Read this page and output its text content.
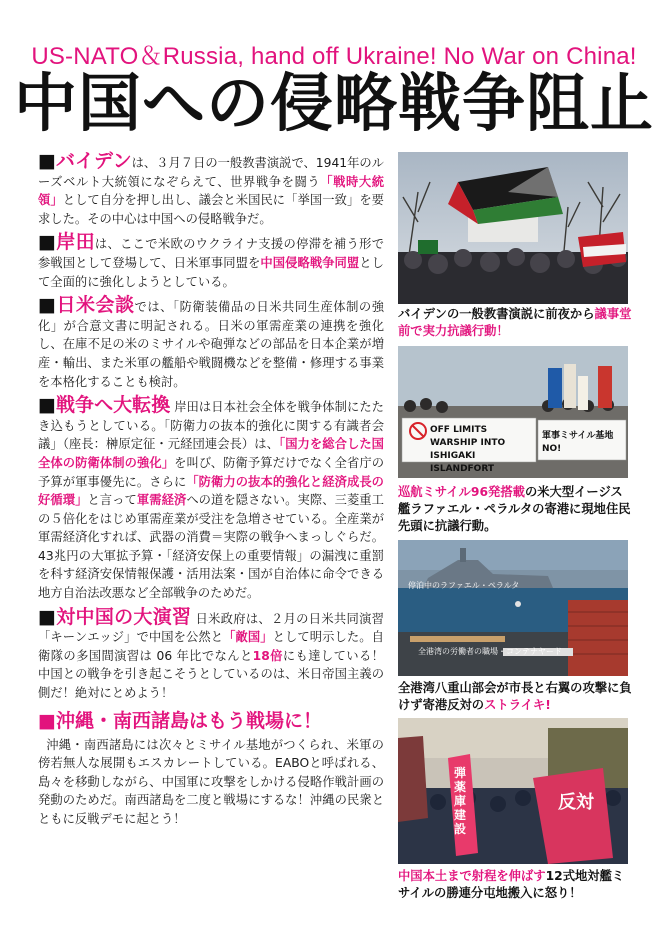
US-NATO＆Russia, hand off Ukraine! No War on China!
中国への侵略戦争阻止

■バイデンは、３月７日の一般教書演説で、1941年のルーズベルト大統領になぞらえて、世界戦争を闘う「戦時大統領」として自分を押し出し、議会と米国民に「挙国一致」を要求した。その中心は中国への侵略戦争だ。

■岸田は、ここで米欧のウクライナ支援の停滞を補う形で参戦国として登場して、日米軍事同盟を中国侵略戦争同盟として全面的に強化しようとしている。

■日米会談では、「防衛装備品の日米共同生産体制の強化」が合意文書に明記される。日米の軍需産業の連携を強化し、在庫不足の米のミサイルや砲弾などの部品を日本企業が増産・輸出、また米軍の艦船や戦闘機などを整備・修理する事業を本格化することも検討。

■戦争へ大転換 岸田は日本社会全体を戦争体制にたたき込もうとしている。「防衛力の抜本的強化に関する有識者会議」（座長：榊原定征・元経団連会長）は、「国力を総合した国全体の防衛体制の強化」を叫び、防衛予算だけでなく全省庁の予算が軍事優先に。さらに「防衛力の抜本的強化と経済成長の好循環」と言って軍需経済への道を隠さない。実際、三菱重工の５倍化をはじめ軍需産業が受注を急増させている。全産業が軍需経済化すれば、武器の消費＝実際の戦争へまっしぐらだ。43兆円の大軍拡予算・「経済安保上の重要情報」の漏洩に重罰を科す経済安保情報保護・活用法案・国が自治体に命令できる地方自治法改悪など全部戦争のためだ。

■対中国の大演習 日米政府は、２月の日米共同演習「キーンエッジ」で中国を公然と「敵国」として明示した。自衛隊の多国間演習は 06 年比でなんと18倍にも達している！中国との戦争を引き起こそうとしているのは、米日帝国主義の側だ！絶対にとめよう！

■沖縄・南西諸島はもう戦場に！

沖縄・南西諸島には次々とミサイル基地がつくられ、米軍の傍若無人な展開もエスカレートしている。EABOと呼ばれる、島々を移動しながら、中国軍に攻撃をしかける侵略作戦計画の発動のためだ。南西諸島を二度と戦場にするな！沖縄の民衆とともに反戦デモに起とう！

バイデンの一般教書演説に前夜から議事堂前で実力抗議行動！
OFF LIMITS WARSHIP INTO ISHIGAKI ISLANDFORT
軍事ミサイル基地NO!
巡航ミサイル96発搭載の米大型イージス艦ラファエル・ペラルタの寄港に現地住民先頭に抗議行動。
停泊中のラファエル・ペラルタ
全港湾の労働者の職場・コンテナヤード
全港湾八重山部会が市長と右翼の攻撃に負けず寄港反対のストライキ!
弾薬庫建設
反対
中国本土まで射程を伸ばす12式地対艦ミサイルの勝連分屯地搬入に怒り！
